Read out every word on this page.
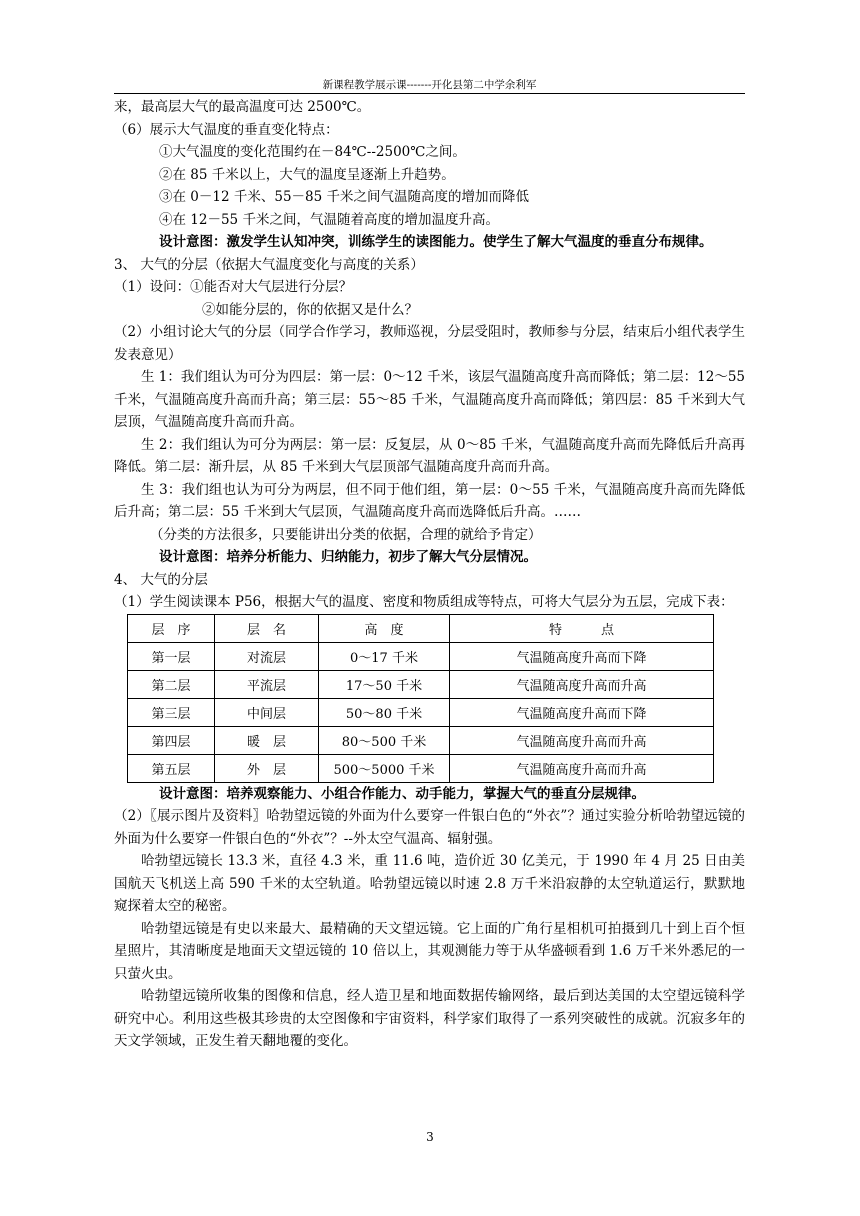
新课程教学展示课-------开化县第二中学余利军
来，最高层大气的最高温度可达 2500℃。
（6）展示大气温度的垂直变化特点：
①大气温度的变化范围约在－84℃--2500℃之间。
②在 85 千米以上，大气的温度呈逐渐上升趋势。
③在 0－12 千米、55－85 千米之间气温随高度的增加而降低
④在 12－55 千米之间，气温随着高度的增加温度升高。
设计意图：激发学生认知冲突，训练学生的读图能力。使学生了解大气温度的垂直分布规律。
3、 大气的分层（依据大气温度变化与高度的关系）
（1）设问：①能否对大气层进行分层？
②如能分层的，你的依据又是什么？
（2）小组讨论大气的分层（同学合作学习，教师巡视，分层受阻时，教师参与分层，结束后小组代表学生发表意见）
生 1：我们组认为可分为四层：第一层：0～12 千米，该层气温随高度升高而降低；第二层：12～55 千米，气温随高度升高而升高；第三层：55～85 千米，气温随高度升高而降低；第四层：85 千米到大气层顶，气温随高度升高而升高。
生 2：我们组认为可分为两层：第一层：反复层，从 0～85 千米，气温随高度升高而先降低后升高再降低。第二层：渐升层，从 85 千米到大气层顶部气温随高度升高而升高。
生 3：我们组也认为可分为两层，但不同于他们组，第一层：0～55 千米，气温随高度升高而先降低后升高；第二层：55 千米到大气层顶，气温随高度升高而选降低后升高。……
（分类的方法很多，只要能讲出分类的依据，合理的就给予肯定）
设计意图：培养分析能力、归纳能力，初步了解大气分层情况。
4、 大气的分层
（1）学生阅读课本 P56，根据大气的温度、密度和物质组成等特点，可将大气层分为五层，完成下表：
层　序	层　名	高　度	特　　　点
第一层	对流层	0～17 千米	气温随高度升高而下降
第二层	平流层	17～50 千米	气温随高度升高而升高
第三层	中间层	50～80 千米	气温随高度升高而下降
第四层	暖　层	80～500 千米	气温随高度升高而升高
第五层	外　层	500～5000 千米	气温随高度升高而升高
设计意图：培养观察能力、小组合作能力、动手能力，掌握大气的垂直分层规律。
（2）〖展示图片及资料〗哈勃望远镜的外面为什么要穿一件银白色的“外衣”？通过实验分析哈勃望远镜的外面为什么要穿一件银白色的“外衣”？--外太空气温高、辐射强。
哈勃望远镜长 13.3 米，直径 4.3 米，重 11.6 吨，造价近 30 亿美元，于 1990 年 4 月 25 日由美国航天飞机送上高 590 千米的太空轨道。哈勃望远镜以时速 2.8 万千米沿寂静的太空轨道运行，默默地窥探着太空的秘密。
哈勃望远镜是有史以来最大、最精确的天文望远镜。它上面的广角行星相机可拍摄到几十到上百个恒星照片，其清晰度是地面天文望远镜的 10 倍以上，其观测能力等于从华盛顿看到 1.6 万千米外悉尼的一只萤火虫。
哈勃望远镜所收集的图像和信息，经人造卫星和地面数据传输网络，最后到达美国的太空望远镜科学研究中心。利用这些极其珍贵的太空图像和宇宙资料，科学家们取得了一系列突破性的成就。沉寂多年的天文学领域，正发生着天翻地覆的变化。
3
